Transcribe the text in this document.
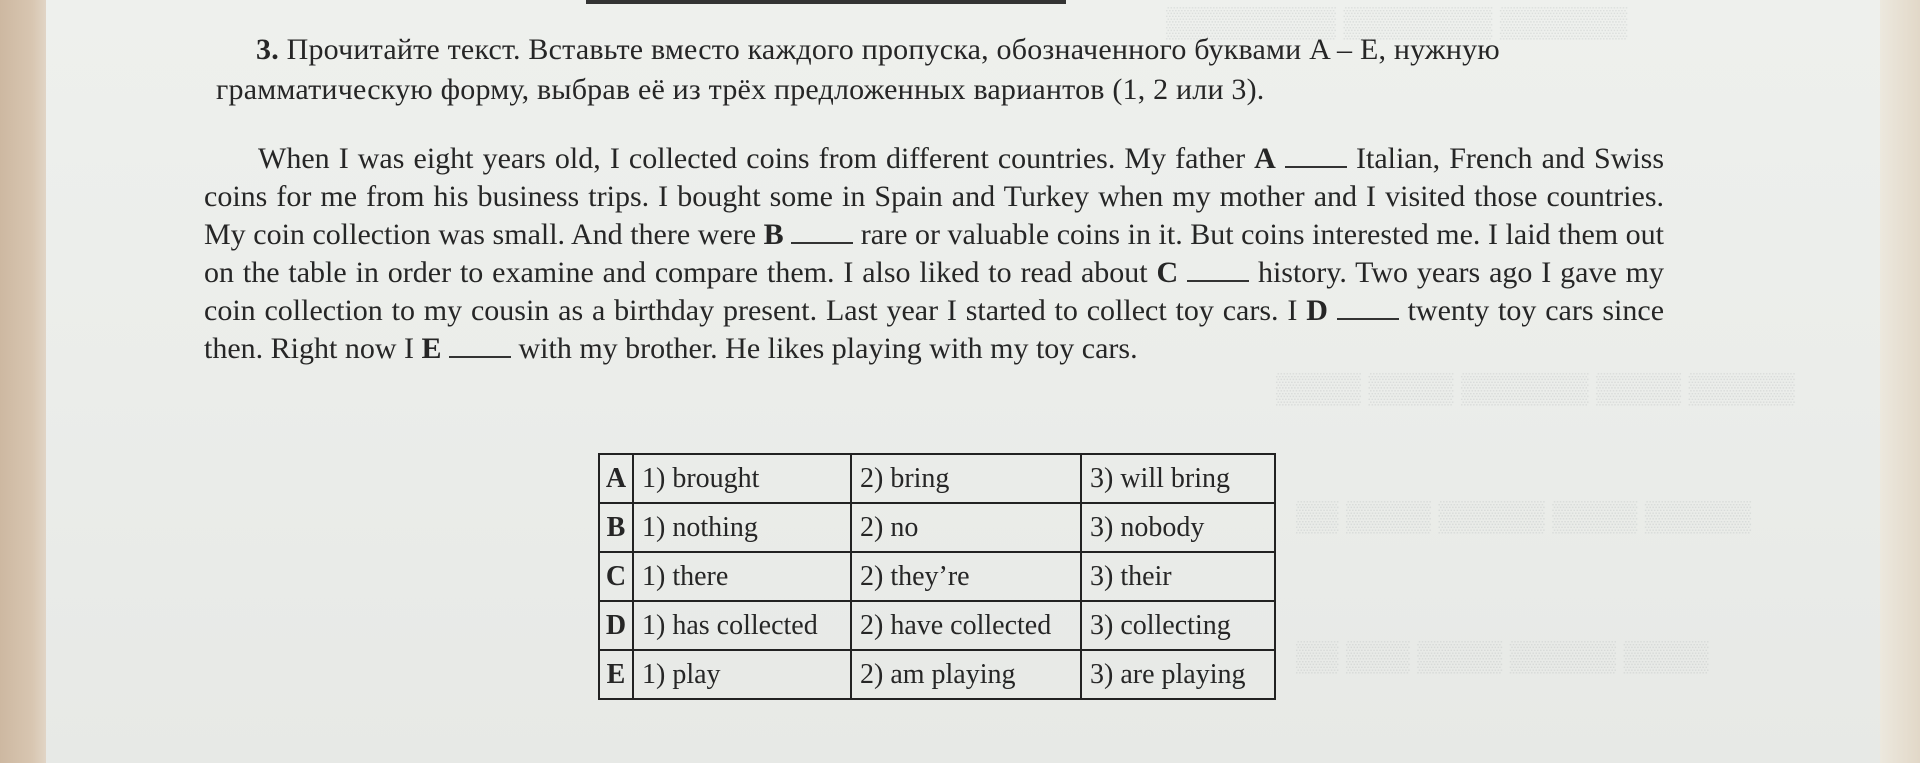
▒▒▒▒▒▒▒▒ ▒▒▒▒▒▒▒ ▒▒▒▒▒▒
▒▒▒▒ ▒▒▒▒ ▒▒▒▒▒▒ ▒▒▒▒ ▒▒▒▒▒
▒▒ ▒▒▒▒ ▒▒▒▒▒ ▒▒▒▒ ▒▒▒▒▒
▒▒ ▒▒▒ ▒▒▒▒ ▒▒▒▒▒ ▒▒▒▒
3. Прочитайте текст. Вставьте вместо каждого пропуска, обозначенного буквами A – E, нужную грамматическую форму, выбрав её из трёх предложенных вариантов (1, 2 или 3).

When I was eight years old, I collected coins from different countries. My father A  Italian, French and Swiss coins for me from his business trips. I bought some in Spain and Turkey when my mother and I visited those countries. My coin collection was small. And there were B  rare or valuable coins in it. But coins interested me. I laid them out on the table in order to examine and compare them. I also liked to read about C  history. Two years ago I gave my coin collection to my cousin as a birthday present. Last year I started to collect toy cars. I D  twenty toy cars since then. Right now I E  with my brother. He likes playing with my toy cars.

A	1) brought	2) bring	3) will bring
B	1) nothing	2) no	3) nobody
C	1) there	2) they’re	3) their
D	1) has collected	2) have collected	3) collecting
E	1) play	2) am playing	3) are playing
